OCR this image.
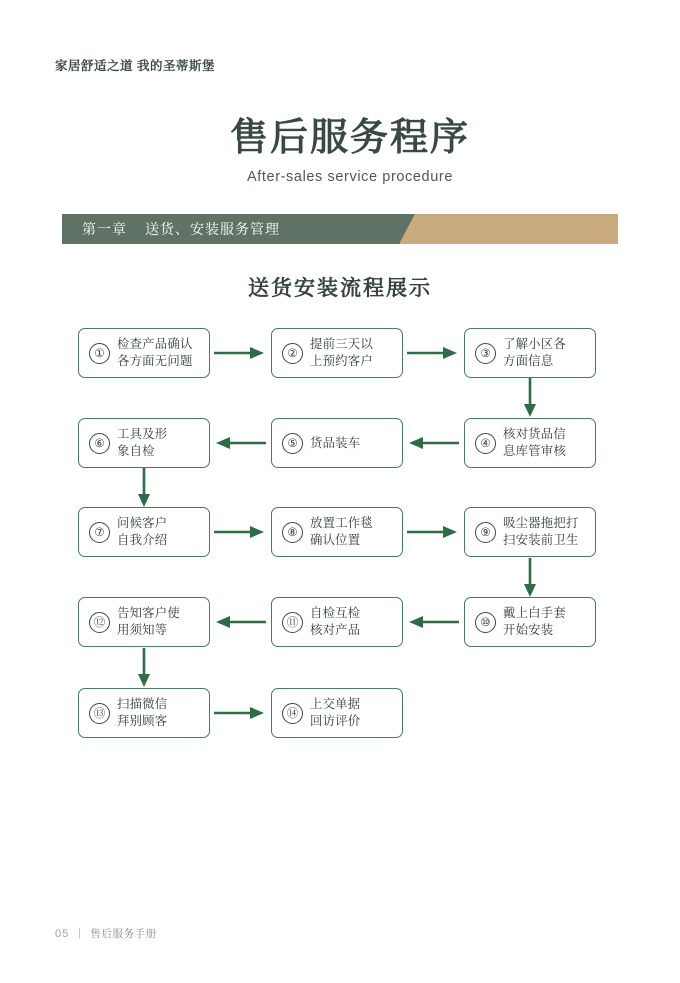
家居舒适之道 我的圣蒂斯堡
售后服务程序
After-sales service procedure
第一章 送货、安装服务管理
送货安装流程展示
①
检查产品确认
各方面无问题	②
提前三天以
上预约客户	③
了解小区各
方面信息
④
核对货品信
息库管审核
⑤ 货品装车
⑥
工具及形
象自检
⑦
问候客户
自我介绍	⑧
放置工作毯
确认位置	⑨
吸尘器拖把打
扫安装前卫生
⑩
戴上白手套
开始安装
⑪
自检互检
核对产品
⑫
告知客户使
用须知等
⑬
扫描微信
拜别顾客	⑭
上交单据
回访评价
05 售后服务手册
